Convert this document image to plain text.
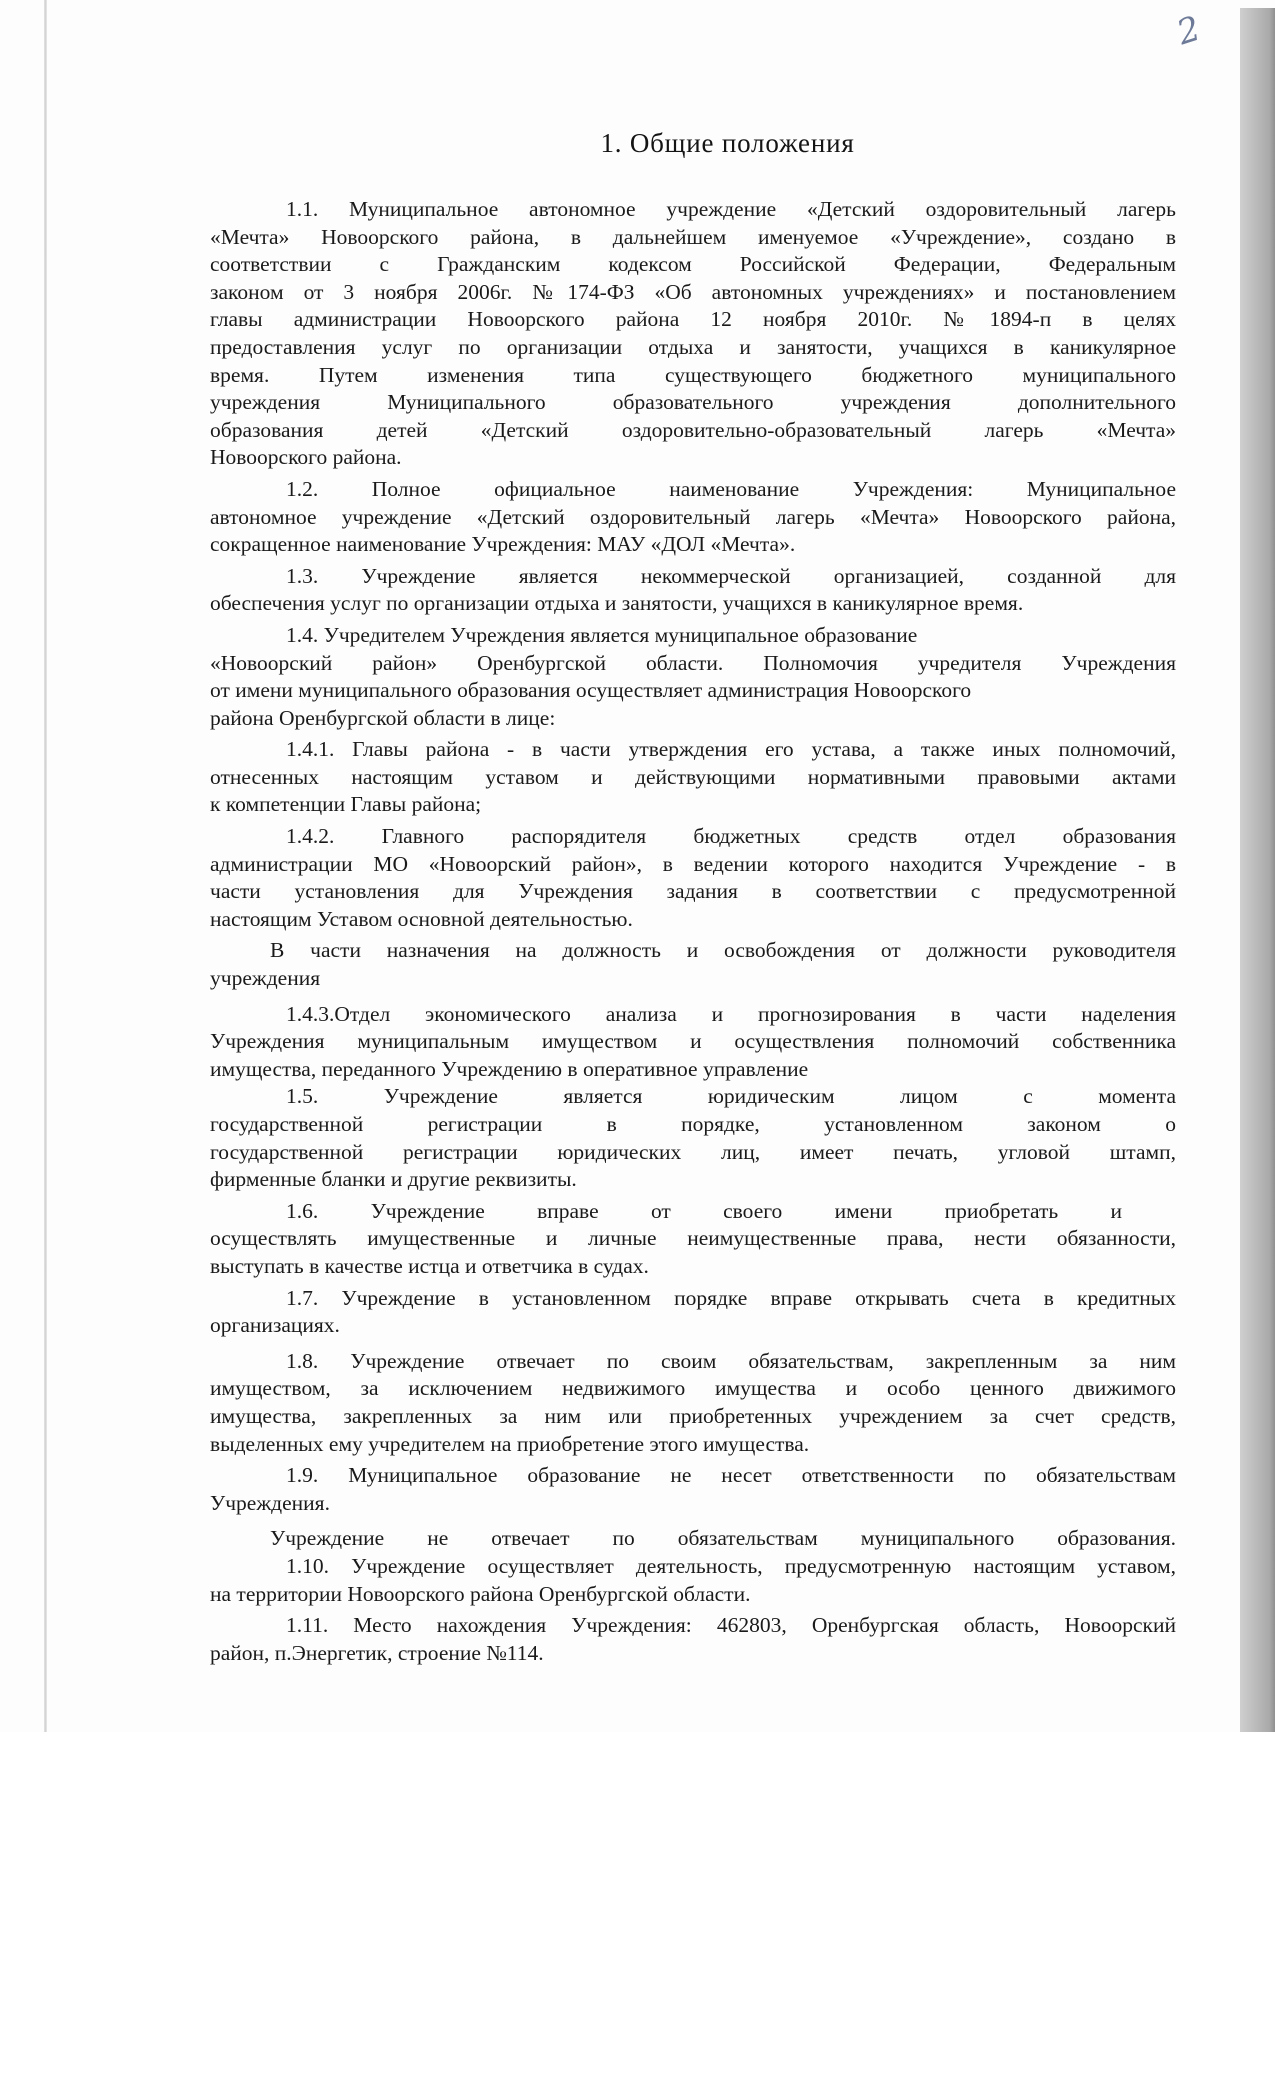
2
1. Общие положения

1.1. Муниципальное автономное учреждение «Детский оздоровительный лагерь
«Мечта» Новоорского района, в дальнейшем именуемое «Учреждение», создано в
соответствии с Гражданским кодексом Российской Федерации, Федеральным
законом от 3 ноября 2006г. №174-ФЗ «Об автономных учреждениях» и постановлением
главы администрации Новоорского района 12 ноября 2010г. №1894-п в целях
предоставления услуг по организации отдыха и занятости, учащихся в каникулярное
время. Путем изменения типа существующего бюджетного муниципального
учреждения Муниципального образовательного учреждения дополнительного
образования детей «Детский оздоровительно-образовательный лагерь «Мечта»
Новоорского района.

1.2. Полное официальное наименование Учреждения: Муниципальное
автономное учреждение «Детский оздоровительный лагерь «Мечта» Новоорского района,
сокращенное наименование Учреждения: МАУ «ДОЛ «Мечта».

1.3. Учреждение является некоммерческой организацией, созданной для
обеспечения услуг по организации отдыха и занятости, учащихся в каникулярное время.

1.4. Учредителем Учреждения является муниципальное образование
«Новоорский район» Оренбургской области. Полномочия учредителя Учреждения
от имени муниципального образования осуществляет администрация Новоорского
района Оренбургской области в лице:

1.4.1. Главы района - в части утверждения его устава, а также иных полномочий,
отнесенных настоящим уставом и действующими нормативными правовыми актами
к компетенции Главы района;

1.4.2. Главного распорядителя бюджетных средств отдел образования
администрации МО «Новоорский район», в ведении которого находится Учреждение - в
части установления для Учреждения задания в соответствии с предусмотренной
настоящим Уставом основной деятельностью.

В части назначения на должность и освобождения от должности руководителя
учреждения

1.4.3.Отдел экономического анализа и прогнозирования в части наделения
Учреждения муниципальным имуществом и осуществления полномочий собственника
имущества, переданного Учреждению в оперативное управление

1.5. Учреждение является юридическим лицом с момента
государственной регистрации в порядке, установленном законом о
государственной регистрации юридических лиц, имеет печать, угловой штамп,
фирменные бланки и другие реквизиты.

1.6. Учреждение вправе от своего имени приобретать и
осуществлять имущественные и личные неимущественные права, нести обязанности,
выступать в качестве истца и ответчика в судах.

1.7. Учреждение в установленном порядке вправе открывать счета в кредитных
организациях.

1.8. Учреждение отвечает по своим обязательствам, закрепленным за ним
имуществом, за исключением недвижимого имущества и особо ценного движимого
имущества, закрепленных за ним или приобретенных учреждением за счет средств,
выделенных ему учредителем на приобретение этого имущества.

1.9. Муниципальное образование не несет ответственности по обязательствам
Учреждения.

Учреждение не отвечает по обязательствам муниципального образования.

1.10. Учреждение осуществляет деятельность, предусмотренную настоящим уставом,
на территории Новоорского района Оренбургской области.

1.11. Место нахождения Учреждения: 462803, Оренбургская область, Новоорский
район, п.Энергетик, строение №114.
